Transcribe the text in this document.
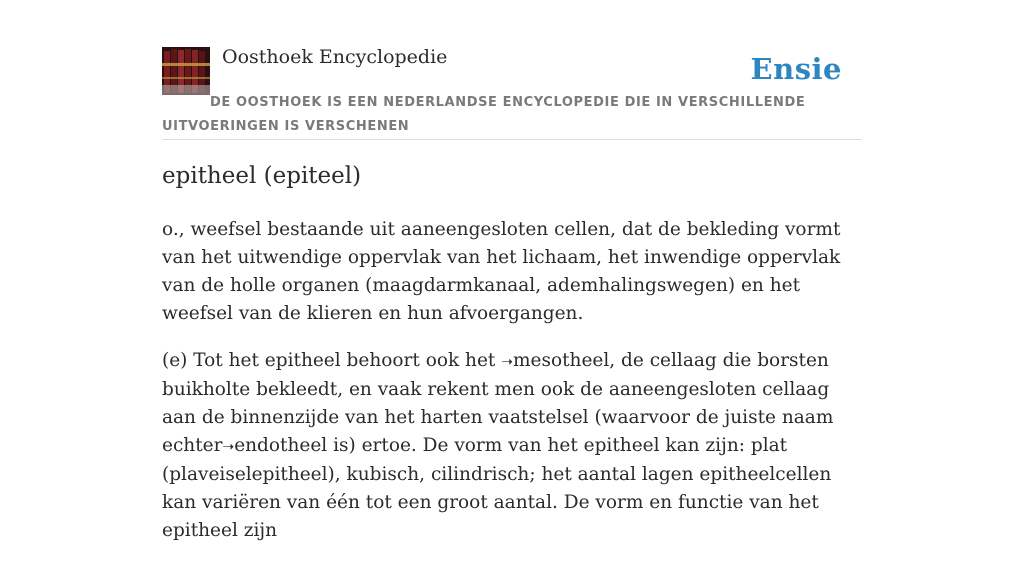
Oosthoek Encyclopedie	Ensie
DE OOSTHOEK IS EEN NEDERLANDSE ENCYCLOPEDIE DIE IN VERSCHILLENDE UITVOERINGEN IS VERSCHENEN
epitheel (epiteel)

o., weefsel bestaande uit aaneengesloten cellen, dat de bekleding vormt van het uitwendige oppervlak van het lichaam, het inwendige oppervlak van de holle organen (maagdarmkanaal, ademhalingswegen) en het weefsel van de klieren en hun afvoergangen.

(e) Tot het epitheel behoort ook het ➝mesotheel, de cellaag die borsten buikholte bekleedt, en vaak rekent men ook de aaneengesloten cellaag aan de binnenzijde van het harten vaatstelsel (waarvoor de juiste naam echter➝endotheel is) ertoe. De vorm van het epitheel kan zijn: plat (plaveiselepitheel), kubisch, cilindrisch; het aantal lagen epitheelcellen kan variëren van één tot een groot aantal. De vorm en functie van het epitheel zijn
